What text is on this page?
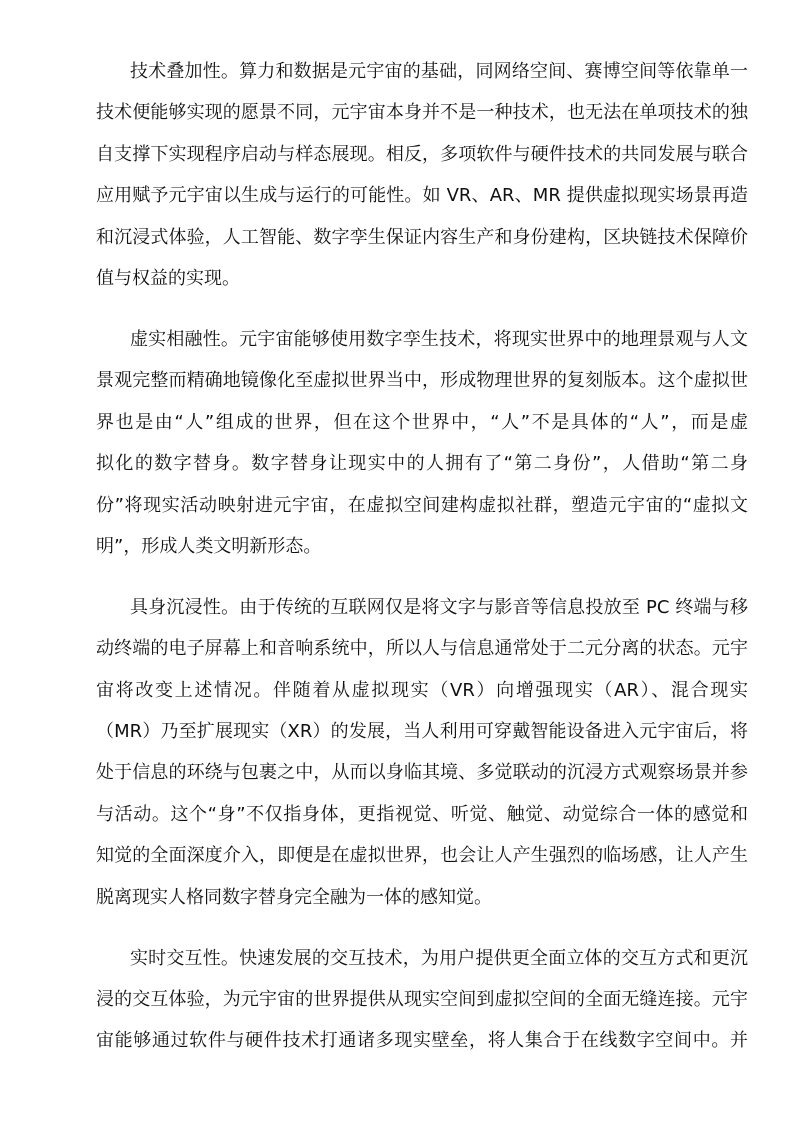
技术叠加性。算力和数据是元宇宙的基础，同网络空间、赛博空间等依靠单一
技术便能够实现的愿景不同，元宇宙本身并不是一种技术，也无法在单项技术的独
自支撑下实现程序启动与样态展现。相反，多项软件与硬件技术的共同发展与联合
应用赋予元宇宙以生成与运行的可能性。如 VR、AR、MR 提供虚拟现实场景再造
和沉浸式体验，人工智能、数字孪生保证内容生产和身份建构，区块链技术保障价
值与权益的实现。
虚实相融性。元宇宙能够使用数字孪生技术，将现实世界中的地理景观与人文
景观完整而精确地镜像化至虚拟世界当中，形成物理世界的复刻版本。这个虚拟世
界也是由“人”组成的世界，但在这个世界中，“人”不是具体的“人”，而是虚
拟化的数字替身。数字替身让现实中的人拥有了“第二身份”，人借助“第二身
份”将现实活动映射进元宇宙，在虚拟空间建构虚拟社群，塑造元宇宙的“虚拟文
明”，形成人类文明新形态。
具身沉浸性。由于传统的互联网仅是将文字与影音等信息投放至 PC 终端与移
动终端的电子屏幕上和音响系统中，所以人与信息通常处于二元分离的状态。元宇
宙将改变上述情况。伴随着从虚拟现实（VR）向增强现实（AR）、混合现实
（MR）乃至扩展现实（XR）的发展，当人利用可穿戴智能设备进入元宇宙后，将
处于信息的环绕与包裹之中，从而以身临其境、多觉联动的沉浸方式观察场景并参
与活动。这个“身”不仅指身体，更指视觉、听觉、触觉、动觉综合一体的感觉和
知觉的全面深度介入，即便是在虚拟世界，也会让人产生强烈的临场感，让人产生
脱离现实人格同数字替身完全融为一体的感知觉。
实时交互性。快速发展的交互技术，为用户提供更全面立体的交互方式和更沉
浸的交互体验，为元宇宙的世界提供从现实空间到虚拟空间的全面无缝连接。元宇
宙能够通过软件与硬件技术打通诸多现实壁垒，将人集合于在线数字空间中。并
